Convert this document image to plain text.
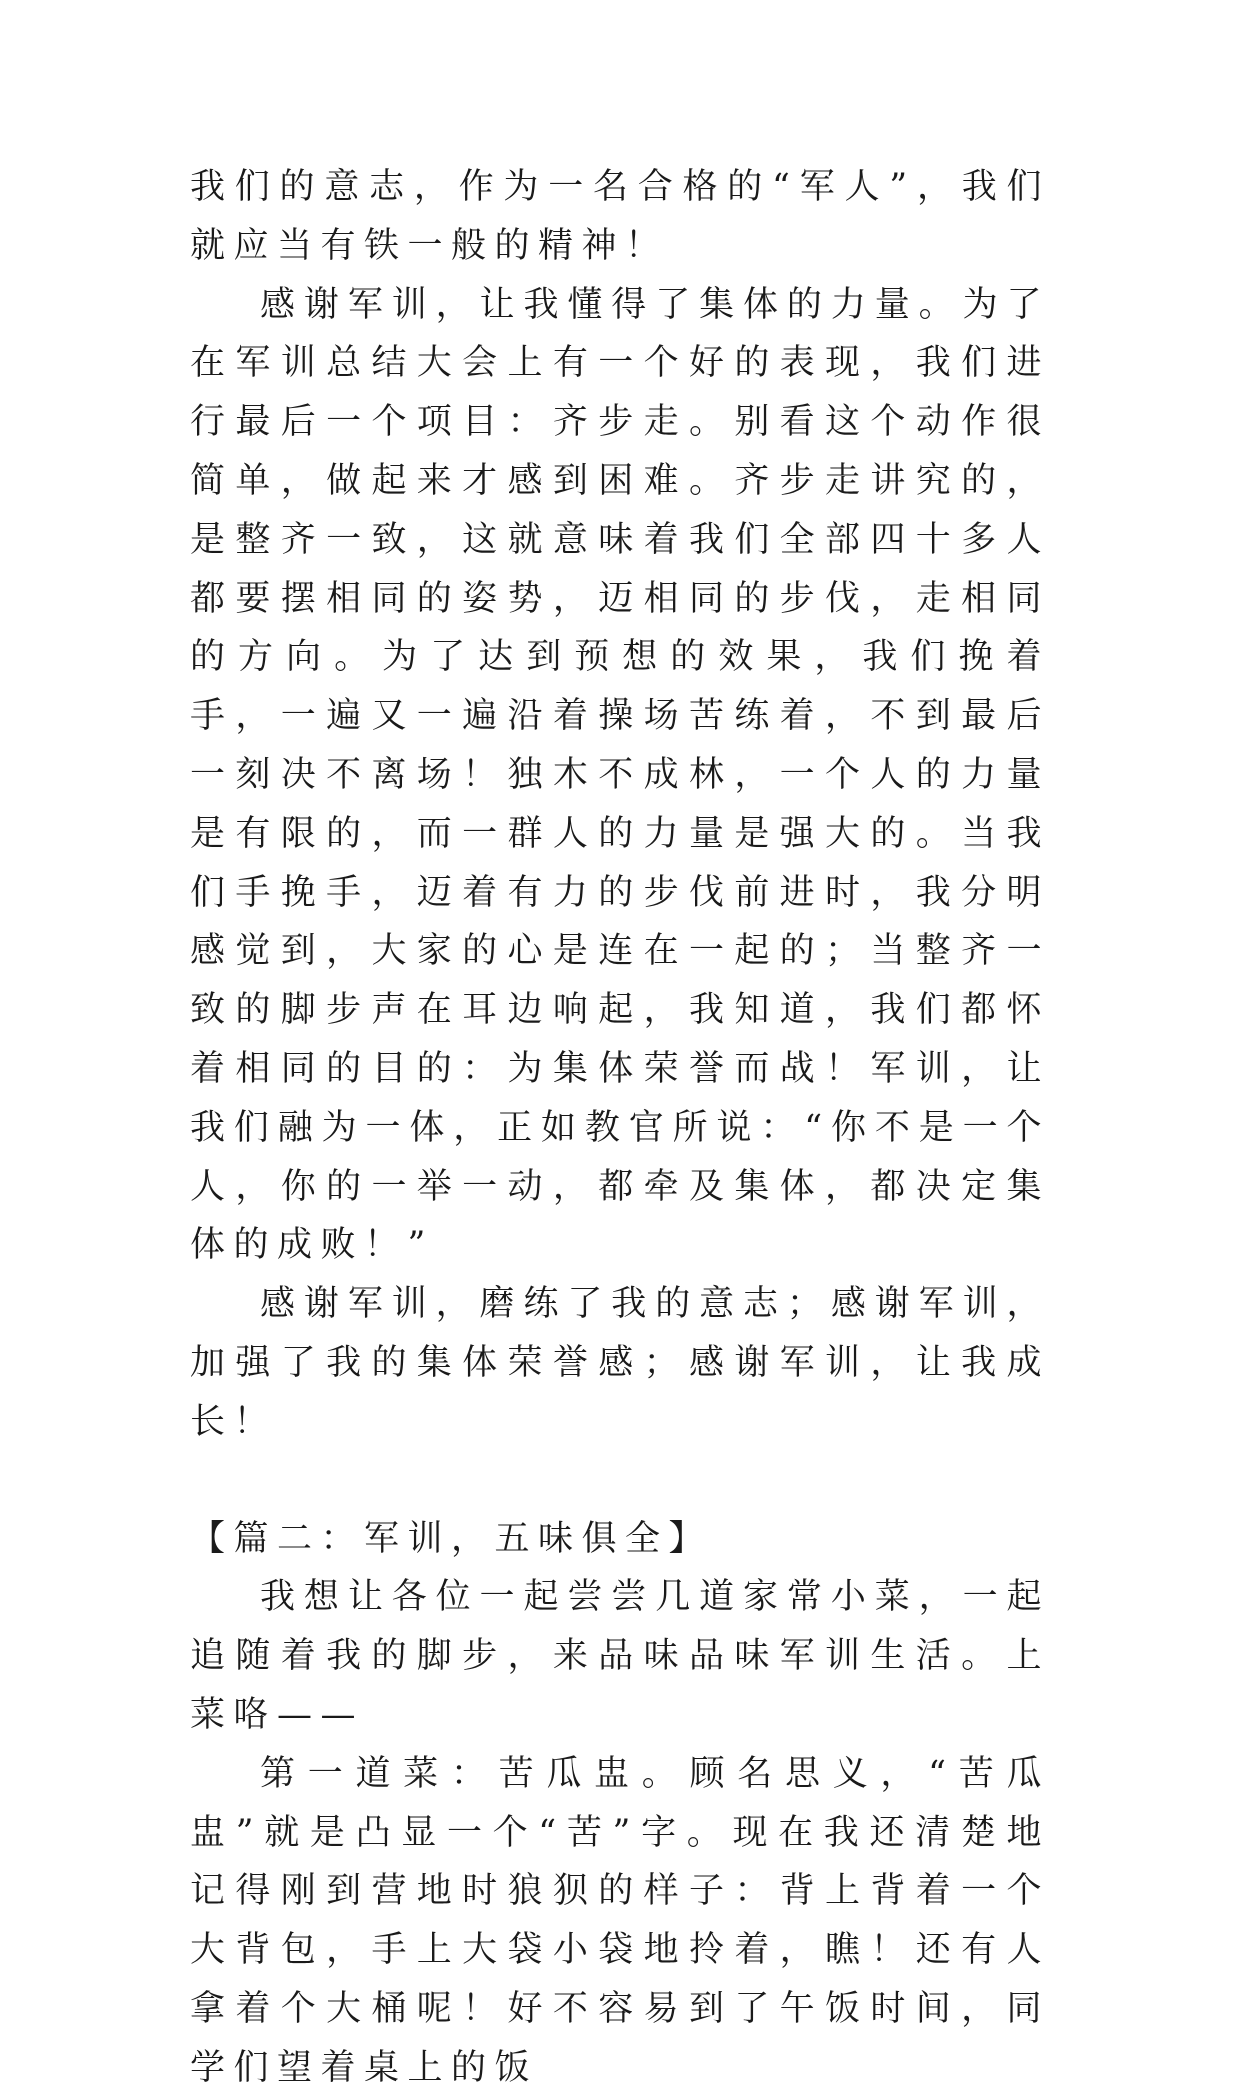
我们的意志，作为一名合格的“军人”，我们就应当有铁一般的精神！

感谢军训，让我懂得了集体的力量。为了在军训总结大会上有一个好的表现，我们进行最后一个项目：齐步走。别看这个动作很简单，做起来才感到困难。齐步走讲究的，是整齐一致，这就意味着我们全部四十多人都要摆相同的姿势，迈相同的步伐，走相同的方向。为了达到预想的效果，我们挽着手，一遍又一遍沿着操场苦练着，不到最后一刻决不离场！独木不成林，一个人的力量是有限的，而一群人的力量是强大的。当我们手挽手，迈着有力的步伐前进时，我分明感觉到，大家的心是连在一起的；当整齐一致的脚步声在耳边响起，我知道，我们都怀着相同的目的：为集体荣誉而战！军训，让我们融为一体，正如教官所说：“你不是一个人，你的一举一动，都牵及集体，都决定集体的成败！”

感谢军训，磨练了我的意志；感谢军训，加强了我的集体荣誉感；感谢军训，让我成长！

【篇二：军训，五味俱全】

我想让各位一起尝尝几道家常小菜，一起追随着我的脚步，来品味品味军训生活。上菜咯——

第一道菜：苦瓜盅。顾名思义，“苦瓜盅”就是凸显一个“苦”字。现在我还清楚地记得刚到营地时狼狈的样子：背上背着一个大背包，手上大袋小袋地拎着，瞧！还有人拿着个大桶呢！好不容易到了午饭时间，同学们望着桌上的饭
